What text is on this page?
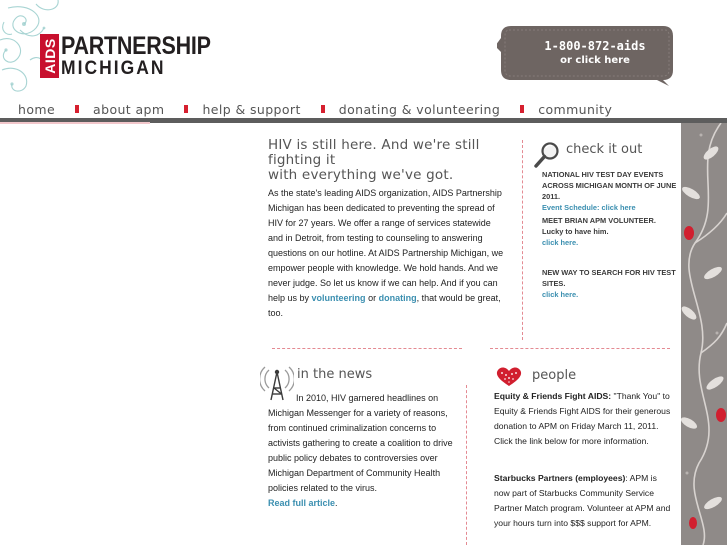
AIDS PARTNERSHIP
MICHIGAN
1-800-872-aids
or click here
home	about apm	help & support	donating & volunteering	community
HIV is still here. And we're still fighting it
with everything we've got.
As the state's leading AIDS organization, AIDS Partnership Michigan has been dedicated to preventing the spread of HIV for 27 years. We offer a range of services statewide and in Detroit, from testing to counseling to answering questions on our hotline. At AIDS Partnership Michigan, we empower people with knowledge. We hold hands. And we never judge. So let us know if we can help. And if you can help us by volunteering or donating, that would be great, too.
check it out
NATIONAL HIV TEST DAY EVENTS ACROSS MICHIGAN MONTH OF JUNE 2011.
Event Schedule: click here
MEET BRIAN APM VOLUNTEER. Lucky to have him.
click here.
NEW WAY TO SEARCH FOR HIV TEST SITES.
click here.
in the news
In 2010, HIV garnered headlines on Michigan Messenger for a variety of reasons, from continued criminalization concerns to activists gathering to create a coalition to drive public policy debates to controversies over Michigan Department of Community Health policies related to the virus.
Read full article.
people
Equity & Friends Fight AIDS: "Thank You" to Equity & Friends Fight AIDS for their generous donation to APM on Friday March 11, 2011. Click the link below for more information.
Starbucks Partners (employees): APM is now part of Starbucks Community Service Partner Match program. Volunteer at APM and your hours turn into $$$ support for APM.
